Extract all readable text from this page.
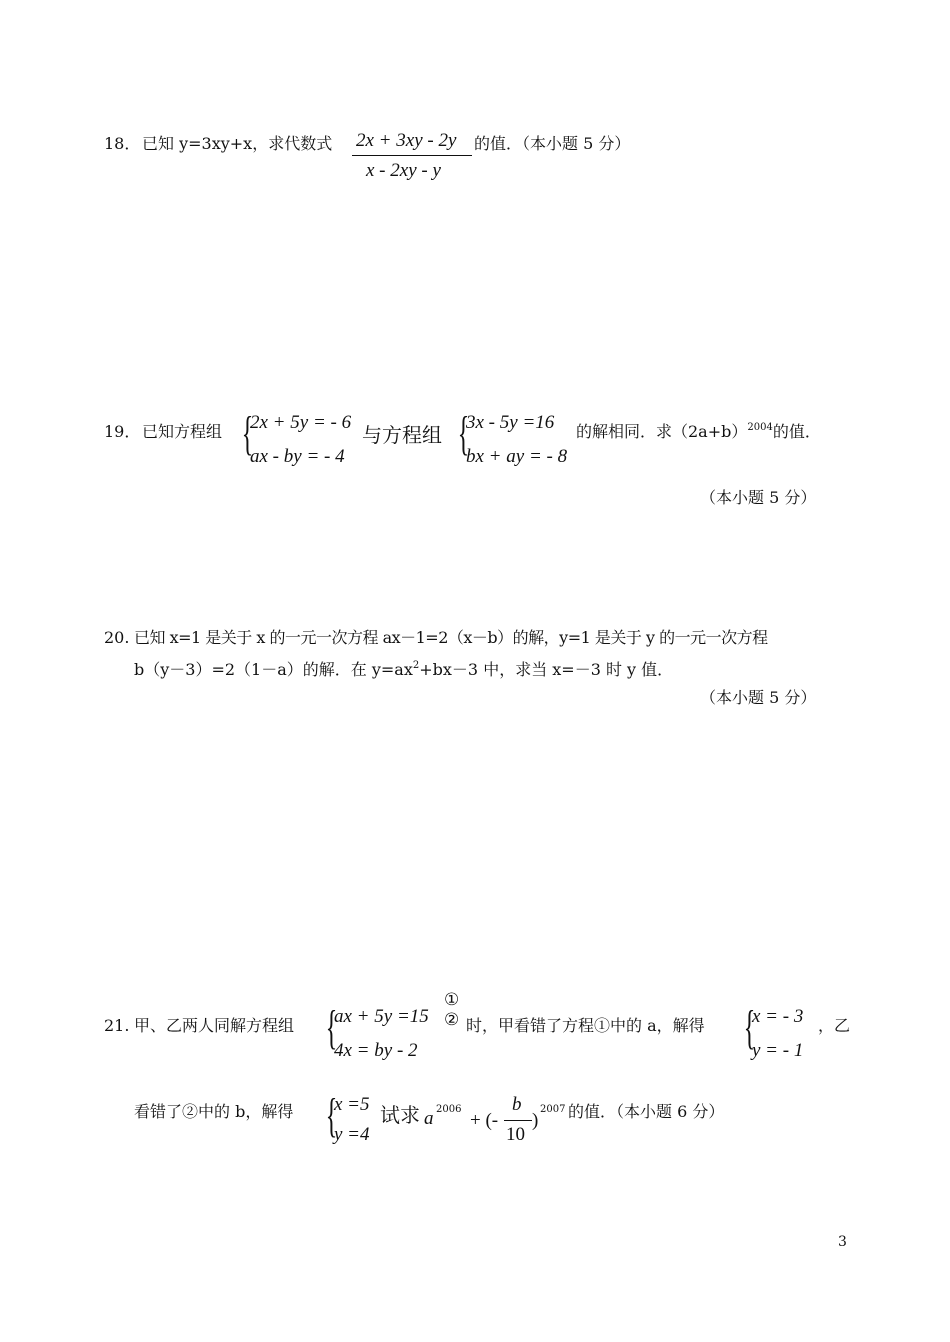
18． 已知 y=3xy+x，求代数式 2x + 3xy - 2y
x - 2xy - y
的值．（本小题 5 分）
19． 已知方程组 {
2x + 5y = - 6
ax - by = - 4
与方程组 {
3x - 5y =16
bx + ay = - 8
的解相同．求$(2a+b)^{2004}$的值．
（本小题 5 分）
20. 已知 x=1 是关于 x 的一元一次方程 ax－1=2（x－b）的解，y=1 是关于 y 的一元一次方程
b（y－3）=2（1－a）的解．在 $y=ax^2+bx-3$ 中，求当 x=－3 时 y 值．
（本小题 5 分）
21. 甲、乙两人同解方程组 {
ax + 5y =15
4x = by - 2
①
② 时，甲看错了方程①中的 a，解得 {
x = - 3
y = - 1
，乙
看错了②中的 b，解得 {
x =5
y =4
试求 a 2006
+ (-
b
10
)
2007 的值．（本小题 6 分）
3
